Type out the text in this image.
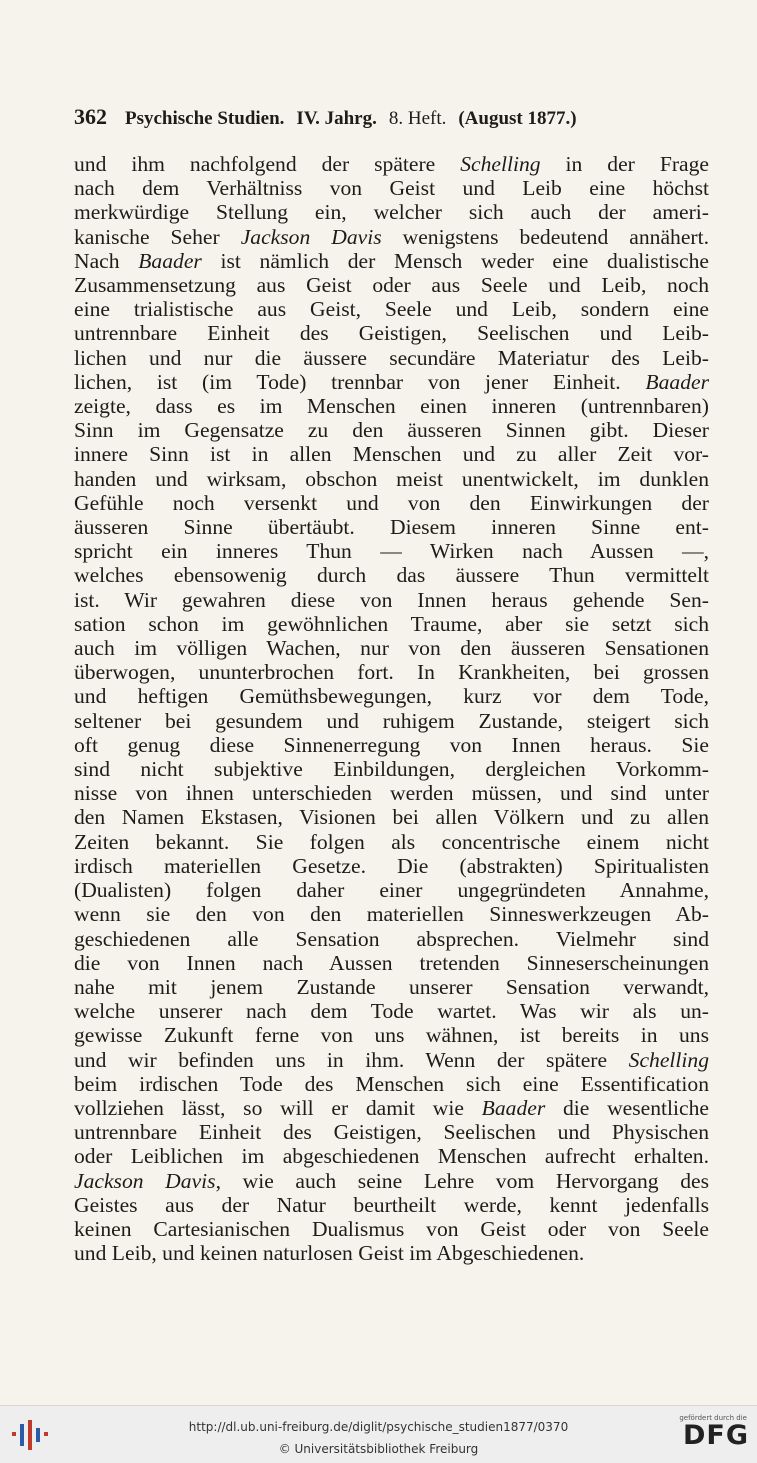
362 Psychische Studien. IV. Jahrg. 8. Heft. (August 1877.)
und ihm nachfolgend der spätere Schelling in der Frage
nach dem Verhältniss von Geist und Leib eine höchst
merkwürdige Stellung ein, welcher sich auch der ameri-
kanische Seher Jackson Davis wenigstens bedeutend annähert.
Nach Baader ist nämlich der Mensch weder eine dualistische
Zusammensetzung aus Geist oder aus Seele und Leib, noch
eine trialistische aus Geist, Seele und Leib, sondern eine
untrennbare Einheit des Geistigen, Seelischen und Leib-
lichen und nur die äussere secundäre Materiatur des Leib-
lichen, ist (im Tode) trennbar von jener Einheit. Baader
zeigte, dass es im Menschen einen inneren (untrennbaren)
Sinn im Gegensatze zu den äusseren Sinnen gibt. Dieser
innere Sinn ist in allen Menschen und zu aller Zeit vor-
handen und wirksam, obschon meist unentwickelt, im dunklen
Gefühle noch versenkt und von den Einwirkungen der
äusseren Sinne übertäubt. Diesem inneren Sinne ent-
spricht ein inneres Thun — Wirken nach Aussen —,
welches ebensowenig durch das äussere Thun vermittelt
ist. Wir gewahren diese von Innen heraus gehende Sen-
sation schon im gewöhnlichen Traume, aber sie setzt sich
auch im völligen Wachen, nur von den äusseren Sensationen
überwogen, ununterbrochen fort. In Krankheiten, bei grossen
und heftigen Gemüthsbewegungen, kurz vor dem Tode,
seltener bei gesundem und ruhigem Zustande, steigert sich
oft genug diese Sinnenerregung von Innen heraus. Sie
sind nicht subjektive Einbildungen, dergleichen Vorkomm-
nisse von ihnen unterschieden werden müssen, und sind unter
den Namen Ekstasen, Visionen bei allen Völkern und zu allen
Zeiten bekannt. Sie folgen als concentrische einem nicht
irdisch materiellen Gesetze. Die (abstrakten) Spiritualisten
(Dualisten) folgen daher einer ungegründeten Annahme,
wenn sie den von den materiellen Sinneswerkzeugen Ab-
geschiedenen alle Sensation absprechen. Vielmehr sind
die von Innen nach Aussen tretenden Sinneserscheinungen
nahe mit jenem Zustande unserer Sensation verwandt,
welche unserer nach dem Tode wartet. Was wir als un-
gewisse Zukunft ferne von uns wähnen, ist bereits in uns
und wir befinden uns in ihm. Wenn der spätere Schelling
beim irdischen Tode des Menschen sich eine Essentification
vollziehen lässt, so will er damit wie Baader die wesentliche
untrennbare Einheit des Geistigen, Seelischen und Physischen
oder Leiblichen im abgeschiedenen Menschen aufrecht erhalten.
Jackson Davis, wie auch seine Lehre vom Hervorgang des
Geistes aus der Natur beurtheilt werde, kennt jedenfalls
keinen Cartesianischen Dualismus von Geist oder von Seele
und Leib, und keinen naturlosen Geist im Abgeschiedenen.
http://dl.ub.uni-freiburg.de/diglit/psychische_studien1877/0370
© Universitätsbibliothek Freiburg
gefördert durch die
DFG
